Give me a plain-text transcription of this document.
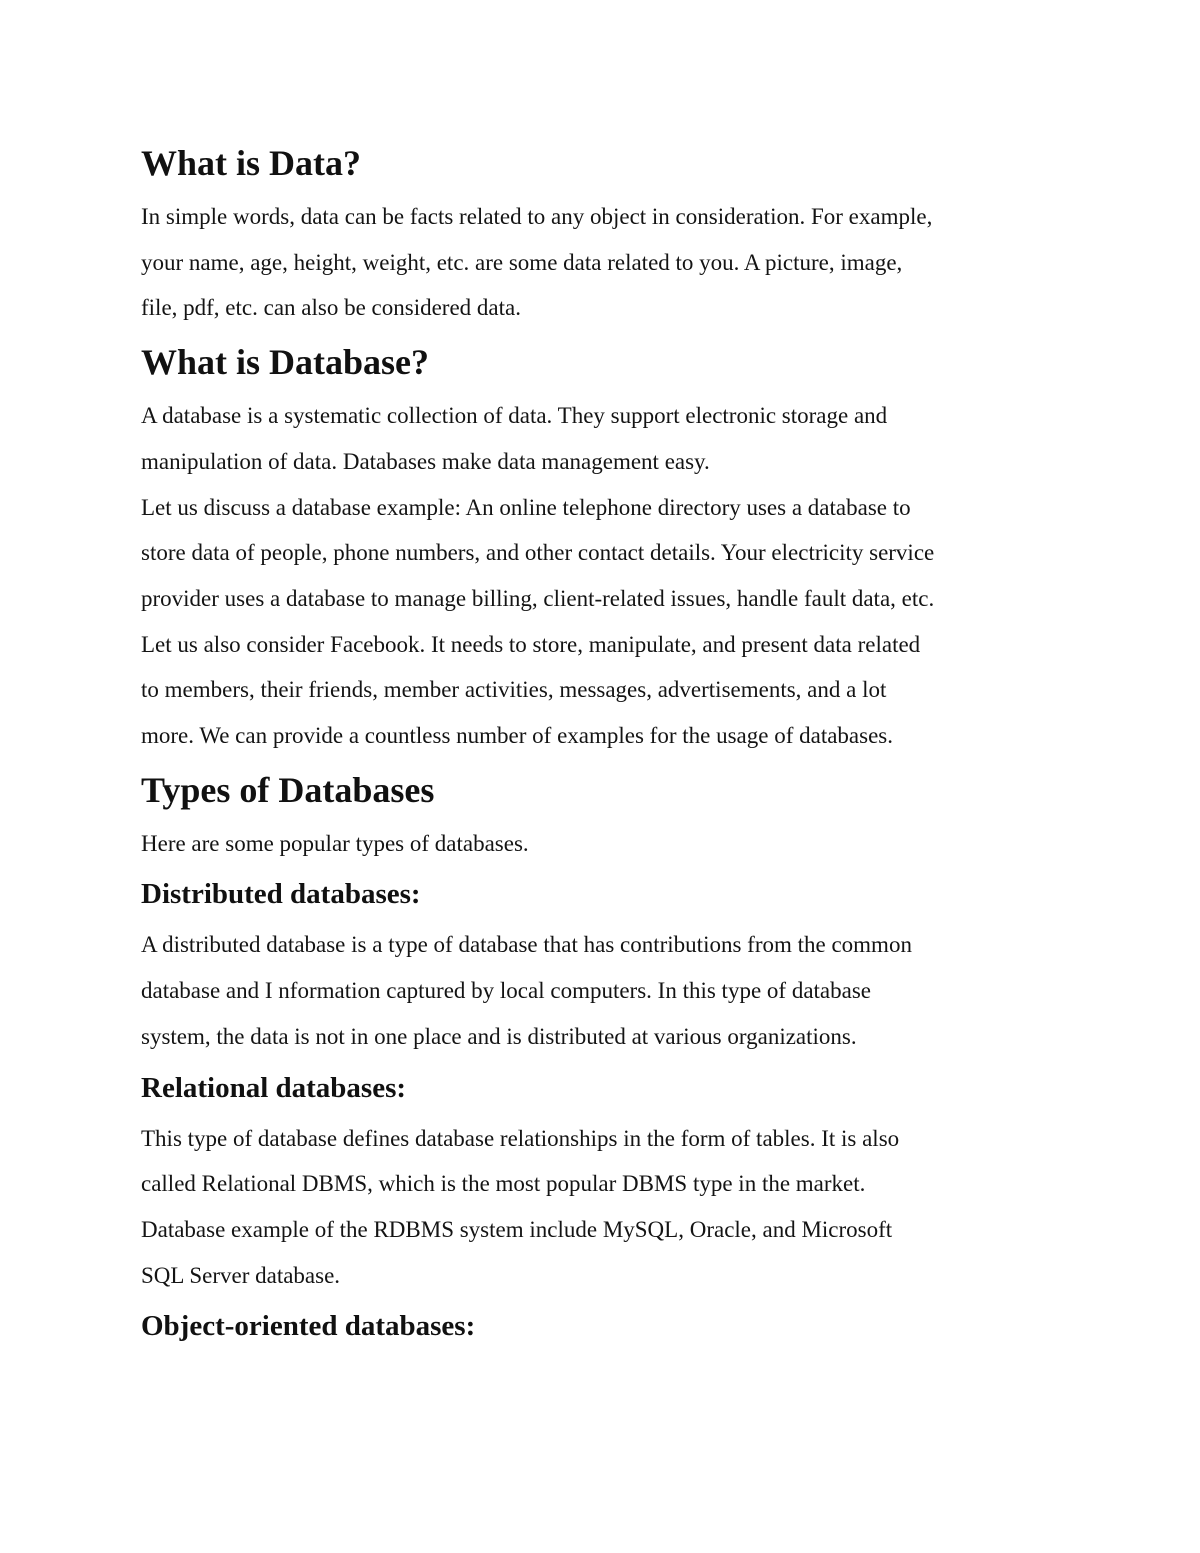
What is Data?

In simple words, data can be facts related to any object in consideration. For example,

your name, age, height, weight, etc. are some data related to you. A picture, image,

file, pdf, etc. can also be considered data.

What is Database?

A database is a systematic collection of data. They support electronic storage and

manipulation of data. Databases make data management easy.

Let us discuss a database example: An online telephone directory uses a database to

store data of people, phone numbers, and other contact details. Your electricity service

provider uses a database to manage billing, client-related issues, handle fault data, etc.

Let us also consider Facebook. It needs to store, manipulate, and present data related

to members, their friends, member activities, messages, advertisements, and a lot

more. We can provide a countless number of examples for the usage of databases.

Types of Databases

Here are some popular types of databases.

Distributed databases:

A distributed database is a type of database that has contributions from the common

database and I nformation captured by local computers. In this type of database

system, the data is not in one place and is distributed at various organizations.

Relational databases:

This type of database defines database relationships in the form of tables. It is also

called Relational DBMS, which is the most popular DBMS type in the market.

Database example of the RDBMS system include MySQL, Oracle, and Microsoft

SQL Server database.

Object-oriented databases:
